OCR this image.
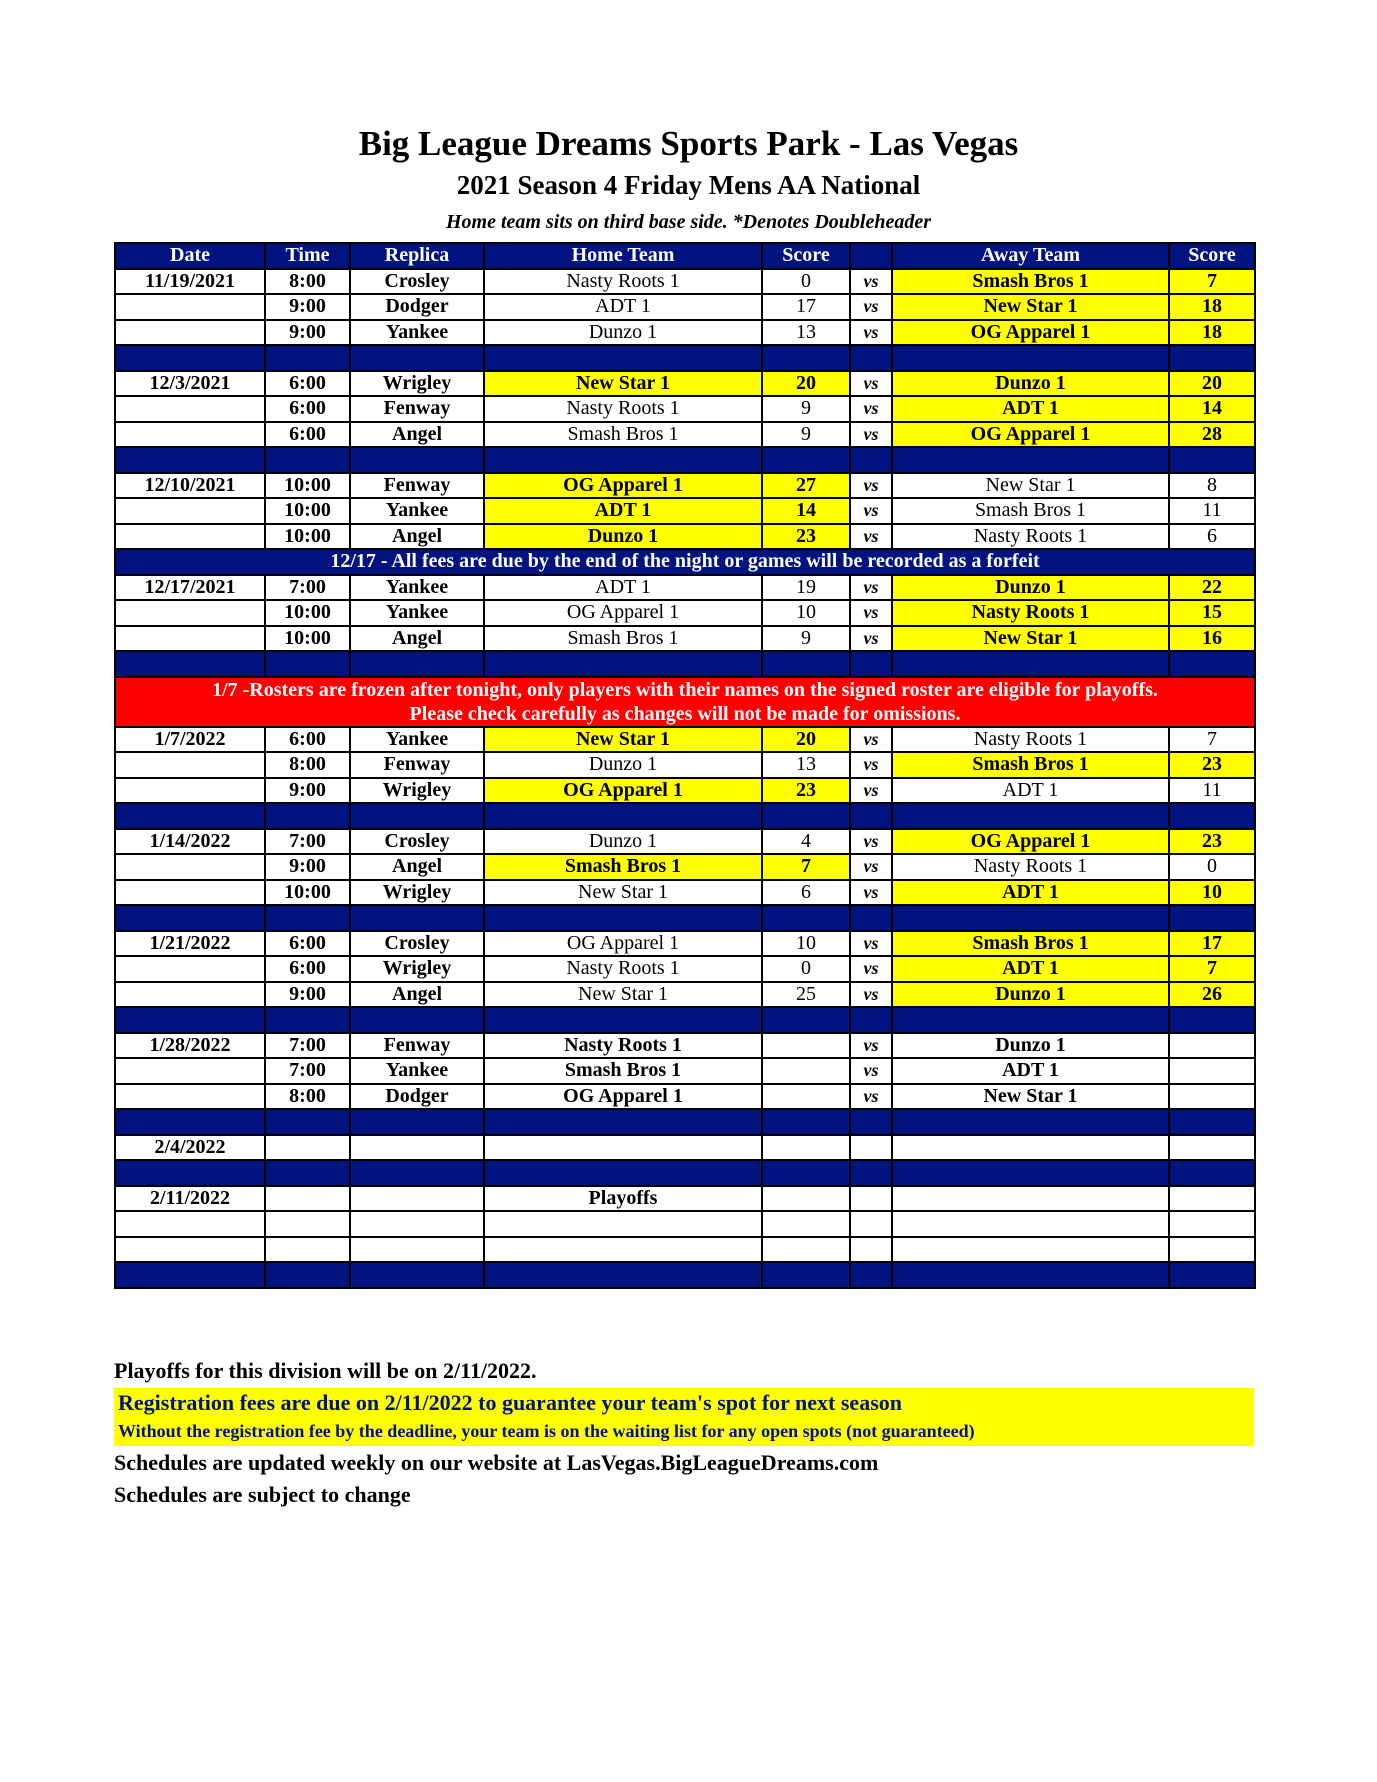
Big League Dreams Sports Park - Las Vegas
2021 Season 4 Friday Mens AA National
Home team sits on third base side. *Denotes Doubleheader
Date	Time	Replica	Home Team	Score		Away Team	Score
11/19/2021	8:00	Crosley	Nasty Roots 1	0	vs	Smash Bros 1	7
	9:00	Dodger	ADT 1	17	vs	New Star 1	18
	9:00	Yankee	Dunzo 1	13	vs	OG Apparel 1	18

12/3/2021	6:00	Wrigley	New Star 1	20	vs	Dunzo 1	20
	6:00	Fenway	Nasty Roots 1	9	vs	ADT 1	14
	6:00	Angel	Smash Bros 1	9	vs	OG Apparel 1	28

12/10/2021	10:00	Fenway	OG Apparel 1	27	vs	New Star 1	8
	10:00	Yankee	ADT 1	14	vs	Smash Bros 1	11
	10:00	Angel	Dunzo 1	23	vs	Nasty Roots 1	6
12/17 - All fees are due by the end of the night or games will be recorded as a forfeit							
12/17/2021	7:00	Yankee	ADT 1	19	vs	Dunzo 1	22
	10:00	Yankee	OG Apparel 1	10	vs	Nasty Roots 1	15
	10:00	Angel	Smash Bros 1	9	vs	New Star 1	16

1/7 -Rosters are frozen after tonight, only players with their names on the signed roster are eligible for playoffs.
Please check carefully as changes will not be made for omissions.							

1/7/2022	6:00	Yankee	New Star 1	20	vs	Nasty Roots 1	7
	8:00	Fenway	Dunzo 1	13	vs	Smash Bros 1	23
	9:00	Wrigley	OG Apparel 1	23	vs	ADT 1	11

1/14/2022	7:00	Crosley	Dunzo 1	4	vs	OG Apparel 1	23
	9:00	Angel	Smash Bros 1	7	vs	Nasty Roots 1	0
	10:00	Wrigley	New Star 1	6	vs	ADT 1	10

1/21/2022	6:00	Crosley	OG Apparel 1	10	vs	Smash Bros 1	17
	6:00	Wrigley	Nasty Roots 1	0	vs	ADT 1	7
	9:00	Angel	New Star 1	25	vs	Dunzo 1	26

1/28/2022	7:00	Fenway	Nasty Roots 1		vs	Dunzo 1	
	7:00	Yankee	Smash Bros 1		vs	ADT 1	
	8:00	Dodger	OG Apparel 1		vs	New Star 1	

2/4/2022							

2/11/2022			Playoffs				

Playoffs for this division will be on 2/11/2022.
Registration fees are due on 2/11/2022 to guarantee your team's spot for next season
Without the registration fee by the deadline, your team is on the waiting list for any open spots (not guaranteed)
Schedules are updated weekly on our website at LasVegas.BigLeagueDreams.com
Schedules are subject to change
